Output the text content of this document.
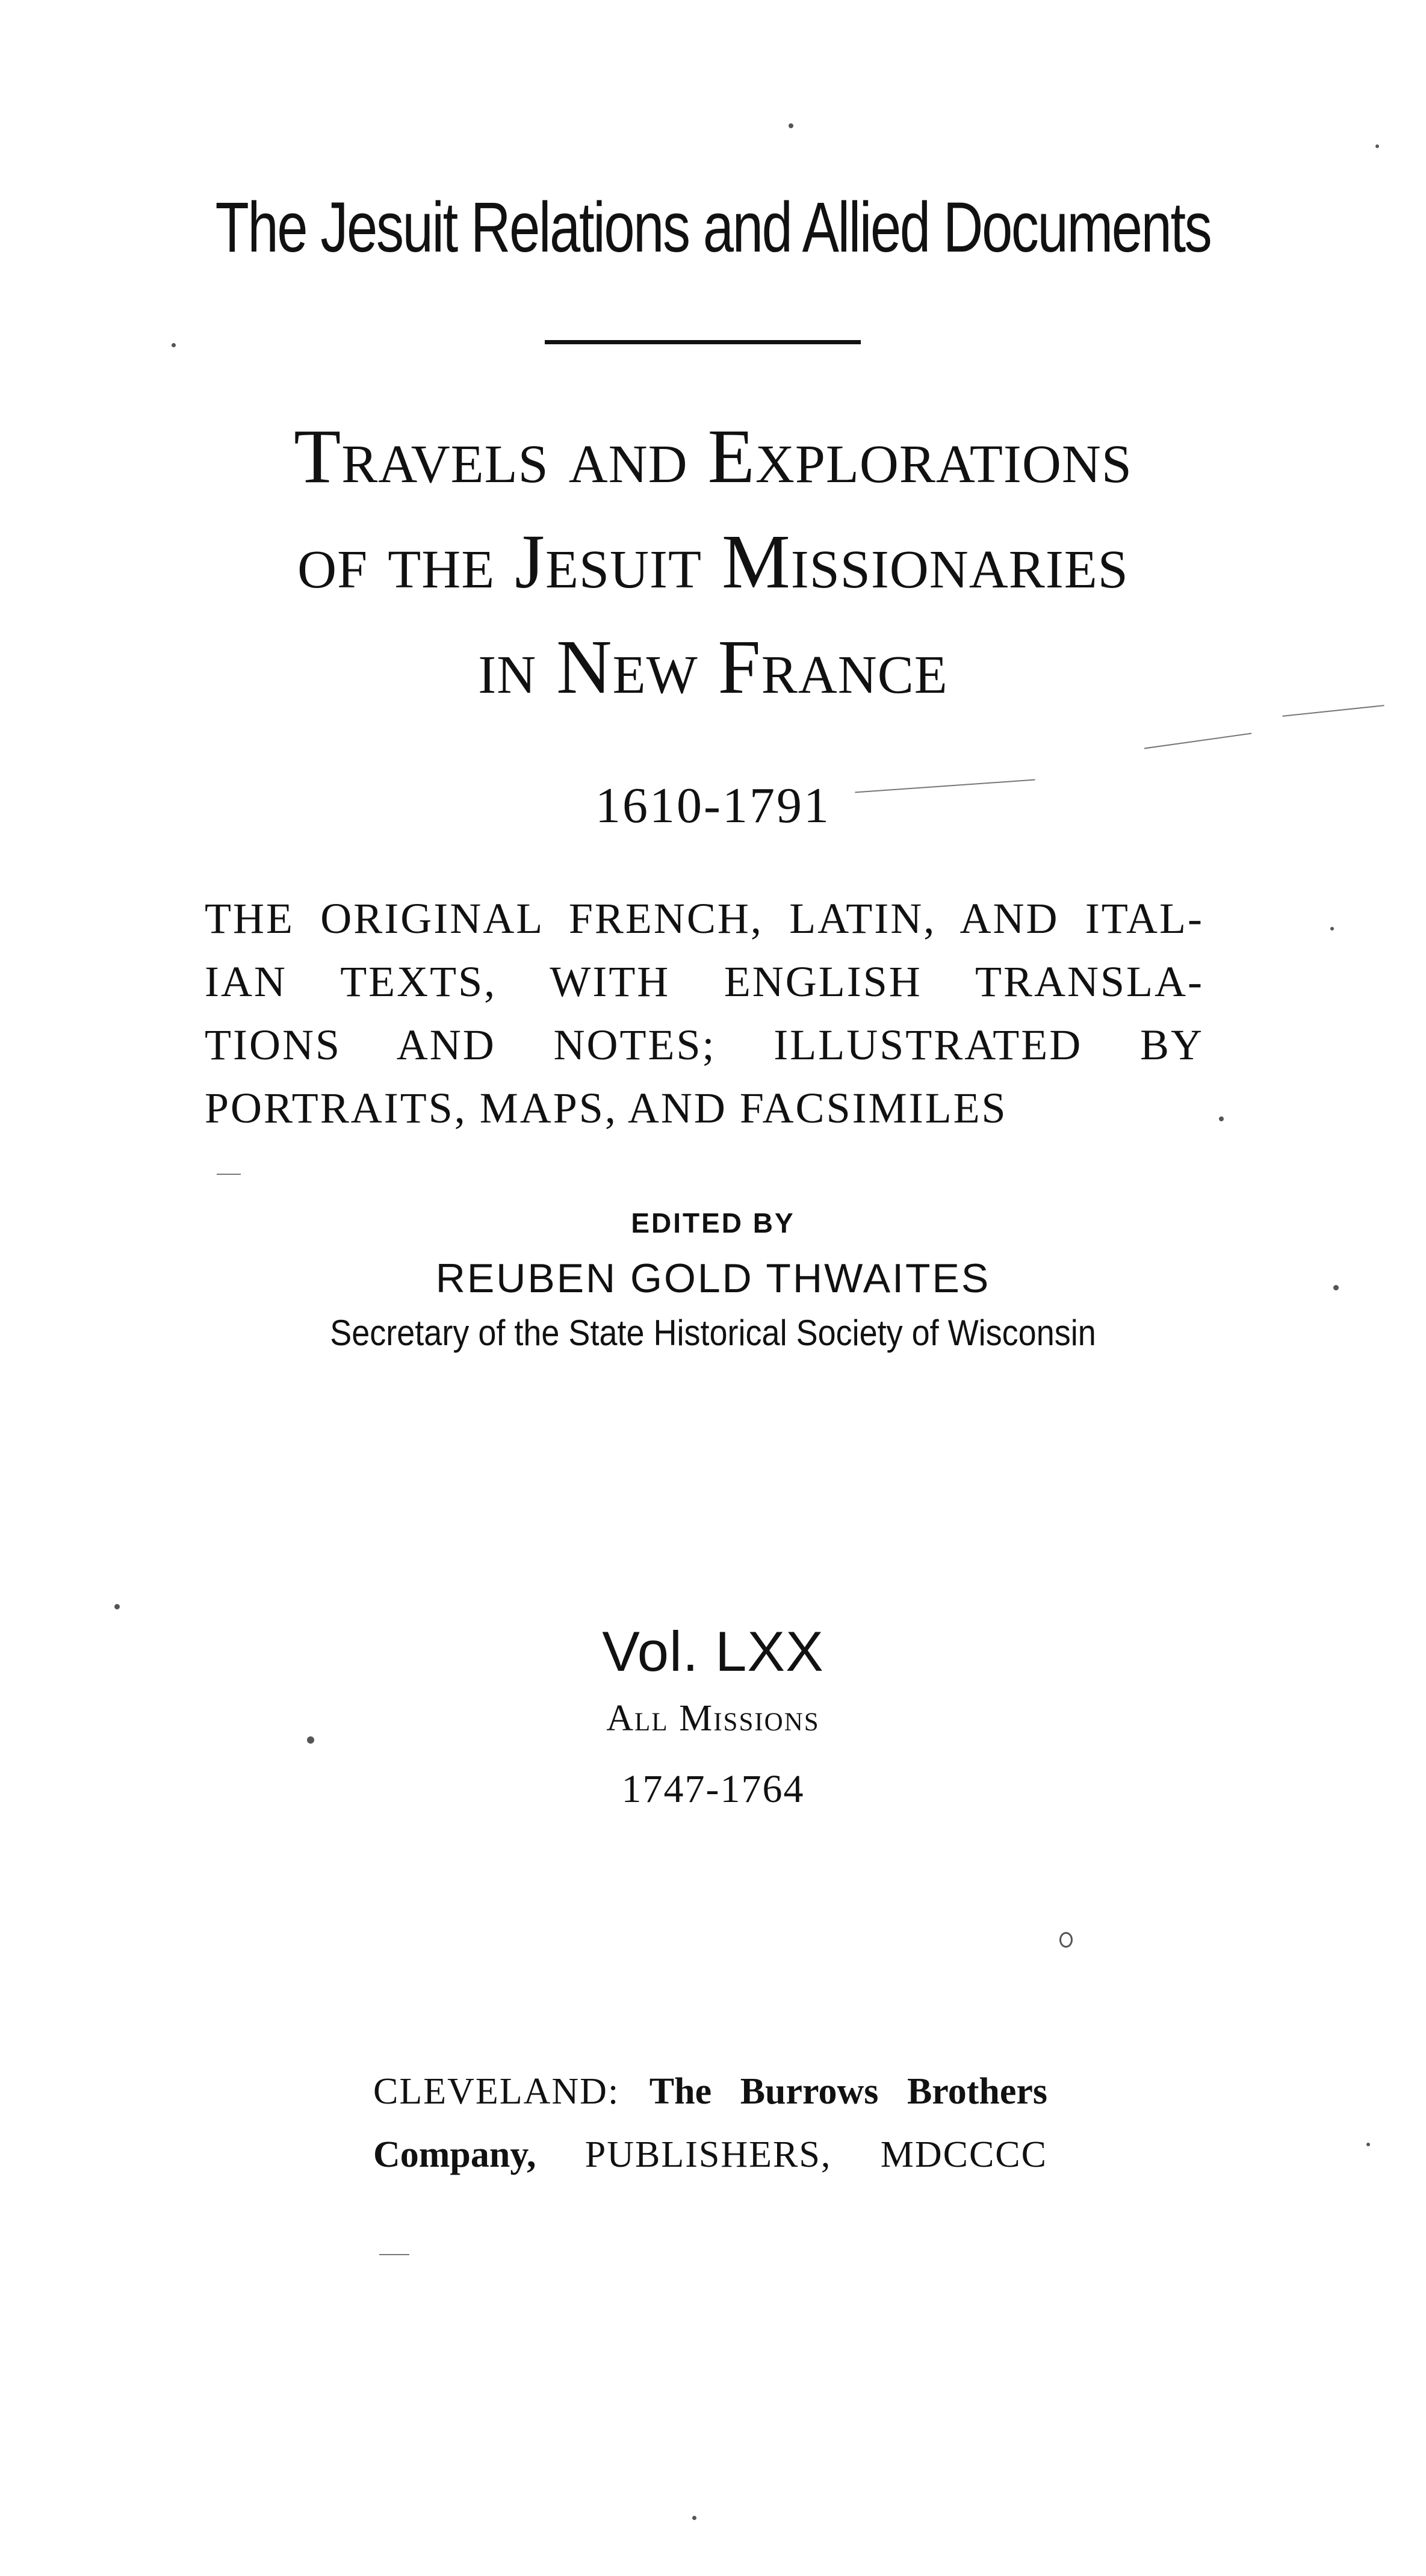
The Jesuit Relations and Allied Documents
Travels and Explorations
of the Jesuit Missionaries
in New France
1610-1791
THE ORIGINAL FRENCH, LATIN, AND ITAL-
IAN TEXTS, WITH ENGLISH TRANSLA-
TIONS AND NOTES; ILLUSTRATED BY
PORTRAITS, MAPS, AND FACSIMILES
EDITED BY
REUBEN GOLD THWAITES
Secretary of the State Historical Society of Wisconsin
Vol. LXX
All Missions
1747-1764
CLEVELAND: The Burrows Brothers
Company, PUBLISHERS, MDCCCC
